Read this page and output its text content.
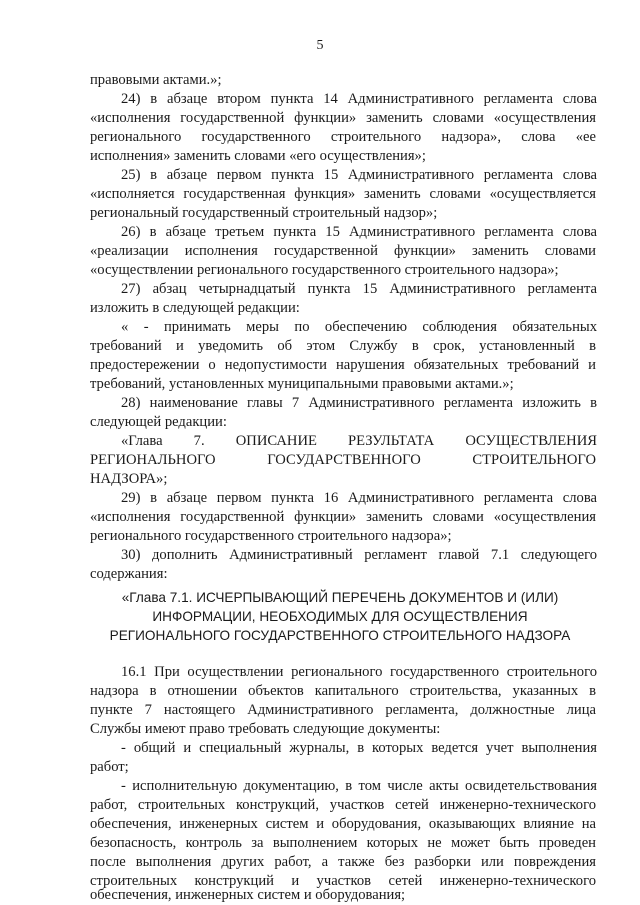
5
правовыми актами.»;
24) в абзаце втором пункта 14 Административного регламента слова
«исполнения государственной функции» заменить словами «осуществления
регионального государственного строительного надзора», слова «ее
исполнения» заменить словами «его осуществления»;
25) в абзаце первом пункта 15 Административного регламента слова
«исполняется государственная функция» заменить словами «осуществляется
региональный государственный строительный надзор»;
26) в абзаце третьем пункта 15 Административного регламента слова
«реализации исполнения государственной функции» заменить словами
«осуществлении регионального государственного строительного надзора»;
27) абзац четырнадцатый пункта 15 Административного регламента
изложить в следующей редакции:
« - принимать меры по обеспечению соблюдения обязательных
требований и уведомить об этом Службу в срок, установленный в
предостережении о недопустимости нарушения обязательных требований и
требований, установленных муниципальными правовыми актами.»;
28) наименование главы 7 Административного регламента изложить в
следующей редакции:
«Глава 7. ОПИСАНИЕ РЕЗУЛЬТАТА ОСУЩЕСТВЛЕНИЯ
РЕГИОНАЛЬНОГО ГОСУДАРСТВЕННОГО СТРОИТЕЛЬНОГО
НАДЗОРА»;
29) в абзаце первом пункта 16 Административного регламента слова
«исполнения государственной функции» заменить словами «осуществления
регионального государственного строительного надзора»;
30) дополнить Административный регламент главой 7.1 следующего
содержания:
«Глава 7.1. ИСЧЕРПЫВАЮЩИЙ ПЕРЕЧЕНЬ ДОКУМЕНТОВ И (ИЛИ)
ИНФОРМАЦИИ, НЕОБХОДИМЫХ ДЛЯ ОСУЩЕСТВЛЕНИЯ
РЕГИОНАЛЬНОГО ГОСУДАРСТВЕННОГО СТРОИТЕЛЬНОГО НАДЗОРА
16.1 При осуществлении регионального государственного строительного
надзора в отношении объектов капитального строительства, указанных в
пункте 7 настоящего Административного регламента, должностные лица
Службы имеют право требовать следующие документы:
- общий и специальный журналы, в которых ведется учет выполнения
работ;
- исполнительную документацию, в том числе акты освидетельствования
работ, строительных конструкций, участков сетей инженерно-технического
обеспечения, инженерных систем и оборудования, оказывающих влияние на
безопасность, контроль за выполнением которых не может быть проведен
после выполнения других работ, а также без разборки или повреждения
строительных конструкций и участков сетей инженерно-технического
обеспечения, инженерных систем и оборудования;
